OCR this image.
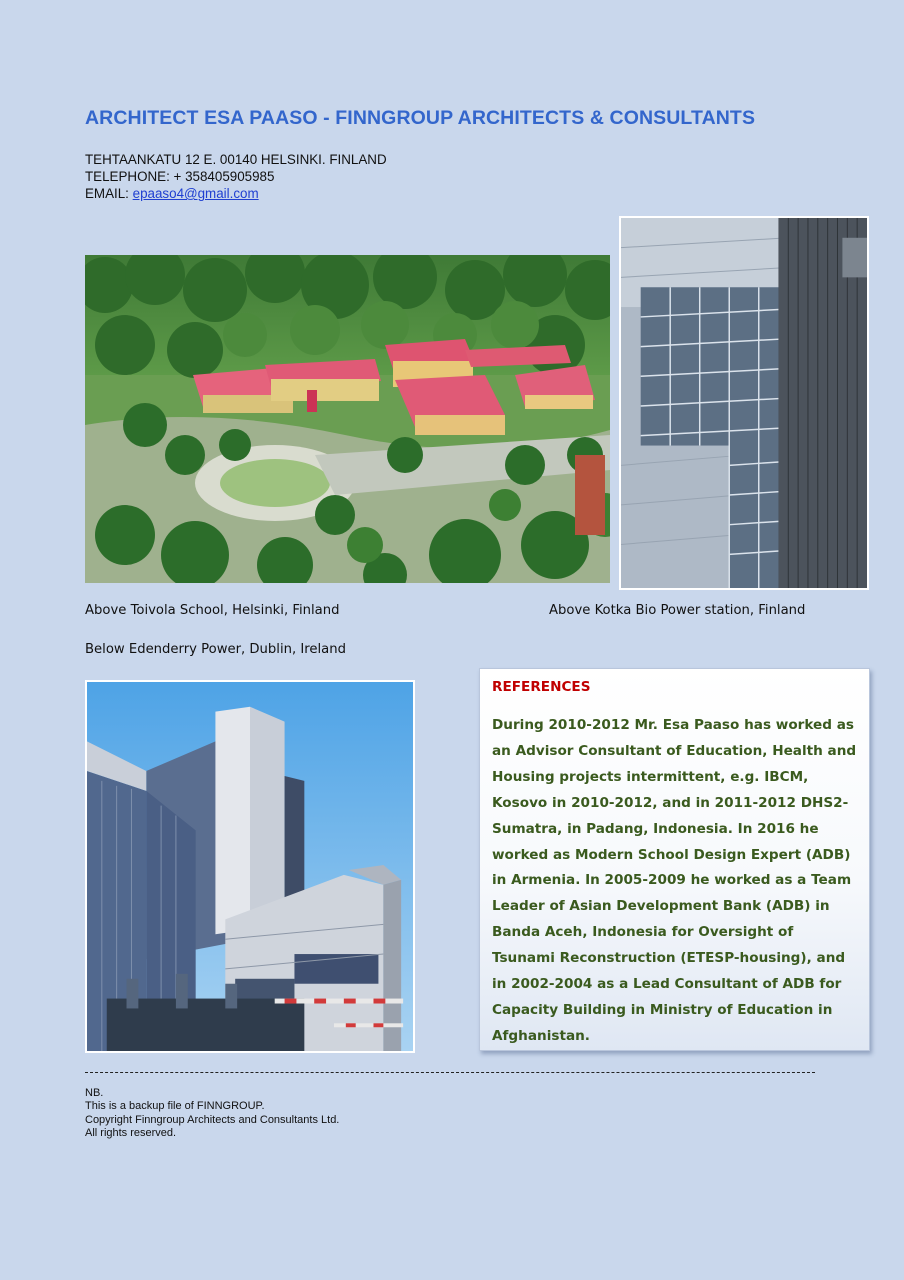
ARCHITECT ESA PAASO - FINNGROUP ARCHITECTS & CONSULTANTS
TEHTAANKATU 12 E. 00140 HELSINKI. FINLAND
TELEPHONE: + 358405905985
EMAIL: epaaso4@gmail.com
Above Toivola School, Helsinki, Finland	Above Kotka Bio Power station, Finland
Below Edenderry Power, Dublin, Ireland
REFERENCES
During 2010-2012 Mr. Esa Paaso has worked as an Advisor Consultant of Education, Health and Housing projects intermittent, e.g. IBCM, Kosovo in 2010-2012, and in 2011-2012 DHS2-Sumatra, in Padang, Indonesia. In 2016 he worked as Modern School Design Expert (ADB) in Armenia. In 2005-2009 he worked as a Team Leader of Asian Development Bank (ADB) in Banda Aceh, Indonesia for Oversight of Tsunami Reconstruction (ETESP-housing), and in 2002-2004 as a Lead Consultant of ADB for Capacity Building in Ministry of Education in Afghanistan.
NB.
This is a backup file of FINNGROUP.
Copyright Finngroup Architects and Consultants Ltd.
All rights reserved.
